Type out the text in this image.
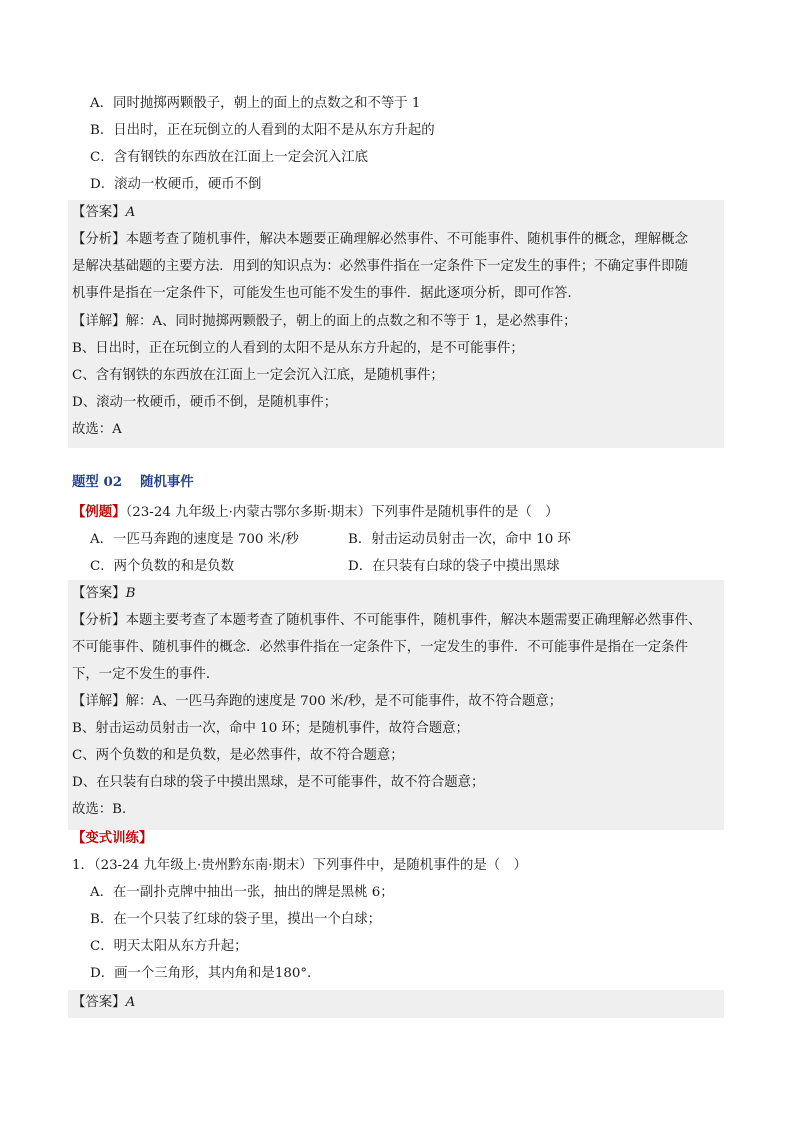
A．同时抛掷两颗骰子，朝上的面上的点数之和不等于 1
B．日出时，正在玩倒立的人看到的太阳不是从东方升起的
C．含有钢铁的东西放在江面上一定会沉入江底
D．滚动一枚硬币，硬币不倒
【答案】A
【分析】本题考查了随机事件，解决本题要正确理解必然事件、不可能事件、随机事件的概念，理解概念
是解决基础题的主要方法．用到的知识点为：必然事件指在一定条件下一定发生的事件；不确定事件即随
机事件是指在一定条件下，可能发生也可能不发生的事件．据此逐项分析，即可作答．
【详解】解：A、同时抛掷两颗骰子，朝上的面上的点数之和不等于 1，是必然事件；
B、日出时，正在玩倒立的人看到的太阳不是从东方升起的，是不可能事件；
C、含有钢铁的东西放在江面上一定会沉入江底，是随机事件；
D、滚动一枚硬币，硬币不倒，是随机事件；
故选：A
题型 02 随机事件
【例题】（23-24 九年级上·内蒙古鄂尔多斯·期末）下列事件是随机事件的是（　）
A．一匹马奔跑的速度是 700 米/秒	B．射击运动员射击一次，命中 10 环
C．两个负数的和是负数	D．在只装有白球的袋子中摸出黑球
【答案】B
【分析】本题主要考查了本题考查了随机事件、不可能事件，随机事件，解决本题需要正确理解必然事件、
不可能事件、随机事件的概念．必然事件指在一定条件下，一定发生的事件．不可能事件是指在一定条件
下，一定不发生的事件．
【详解】解：A、一匹马奔跑的速度是 700 米/秒，是不可能事件，故不符合题意；
B、射击运动员射击一次，命中 10 环；是随机事件，故符合题意；
C、两个负数的和是负数，是必然事件，故不符合题意；
D、在只装有白球的袋子中摸出黑球，是不可能事件，故不符合题意；
故选：B．
【变式训练】
1．（23-24 九年级上·贵州黔东南·期末）下列事件中，是随机事件的是（　）
A．在一副扑克牌中抽出一张，抽出的牌是黑桃 6；
B．在一个只装了红球的袋子里，摸出一个白球；
C．明天太阳从东方升起；
D．画一个三角形，其内角和是180°．
【答案】A
